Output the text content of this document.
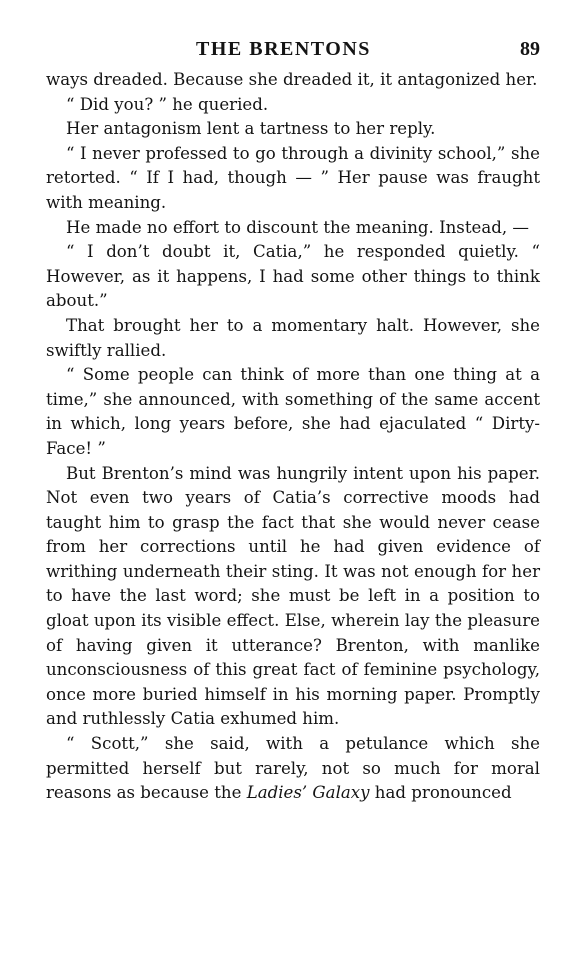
THE BRENTONS	89

ways dreaded. Because she dreaded it, it antagonized her.

“ Did you? ” he queried.

Her antagonism lent a tartness to her reply.

“ I never professed to go through a divinity school,” she retorted. “ If I had, though — ” Her pause was fraught with meaning.

He made no effort to discount the meaning. Instead, —

“ I don’t doubt it, Catia,” he responded quietly. “ However, as it happens, I had some other things to think about.”

That brought her to a momentary halt. However, she swiftly rallied.

“ Some people can think of more than one thing at a time,” she announced, with something of the same accent in which, long years before, she had ejaculated “ Dirty-Face! ”

But Brenton’s mind was hungrily intent upon his paper. Not even two years of Catia’s corrective moods had taught him to grasp the fact that she would never cease from her corrections until he had given evidence of writhing underneath their sting. It was not enough for her to have the last word; she must be left in a position to gloat upon its visible effect. Else, wherein lay the pleasure of having given it utterance? Brenton, with manlike unconsciousness of this great fact of feminine psychology, once more buried himself in his morning paper. Promptly and ruthlessly Catia exhumed him.

“ Scott,” she said, with a petulance which she permitted herself but rarely, not so much for moral reasons as because the Ladies’ Galaxy had pronounced
